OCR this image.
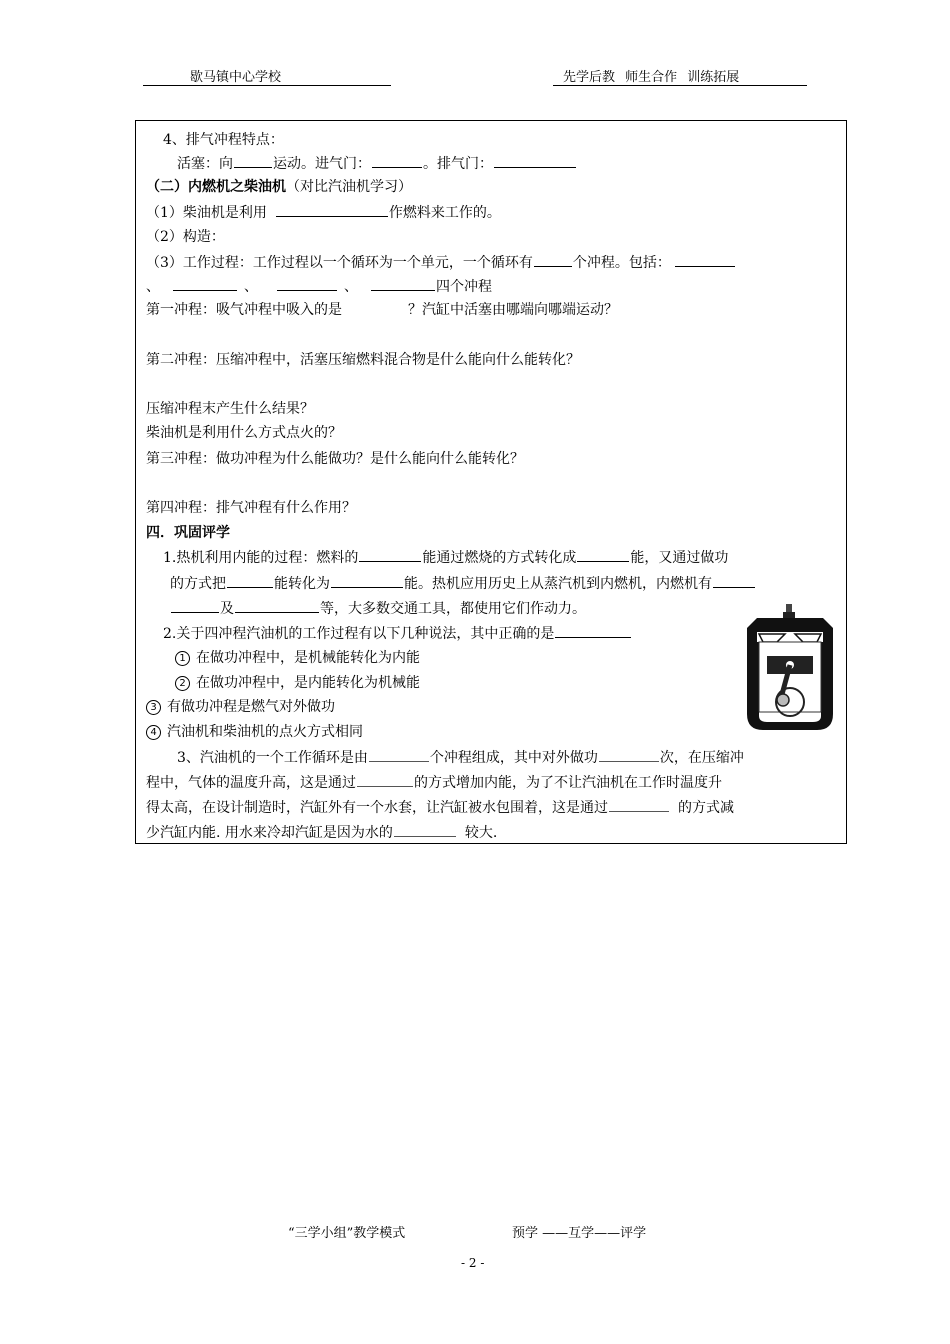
歇马镇中心学校	先学后教 师生合作 训练拓展
4、排气冲程特点：
活塞：向	运动。进气门：	。排气门：
（二）内燃机之柴油机（对比汽油机学习）
（1）柴油机是利用	作燃料来工作的。
（2）构造：
（3）工作过程：工作过程以一个循环为一个单元，一个循环有	个冲程。包括：
、	、	、	四个冲程
第一冲程：吸气冲程中吸入的是	？汽缸中活塞由哪端向哪端运动？
第二冲程：压缩冲程中，活塞压缩燃料混合物是什么能向什么能转化？
压缩冲程末产生什么结果？
柴油机是利用什么方式点火的？
第三冲程：做功冲程为什么能做功？是什么能向什么能转化？
第四冲程：排气冲程有什么作用？
四．巩固评学
1.热机利用内能的过程：燃料的	能通过燃烧的方式转化成	能，又通过做功
的方式把	能转化为	能。热机应用历史上从蒸汽机到内燃机，内燃机有
及	等，大多数交通工具，都使用它们作动力。
2.关于四冲程汽油机的工作过程有以下几种说法，其中正确的是
1 在做功冲程中，是机械能转化为内能
2 在做功冲程中，是内能转化为机械能
3 有做功冲程是燃气对外做功
4 汽油机和柴油机的点火方式相同
3、汽油机的一个工作循环是由	个冲程组成，其中对外做功	次，在压缩冲
程中，气体的温度升高，这是通过	的方式增加内能，为了不让汽油机在工作时温度升
得太高，在设计制造时，汽缸外有一个水套，让汽缸被水包围着，这是通过	的方式减
少汽缸内能. 用水来冷却汽缸是因为水的	较大.
“三学小组”教学模式	预学 ——互学——评学
- 2 -
